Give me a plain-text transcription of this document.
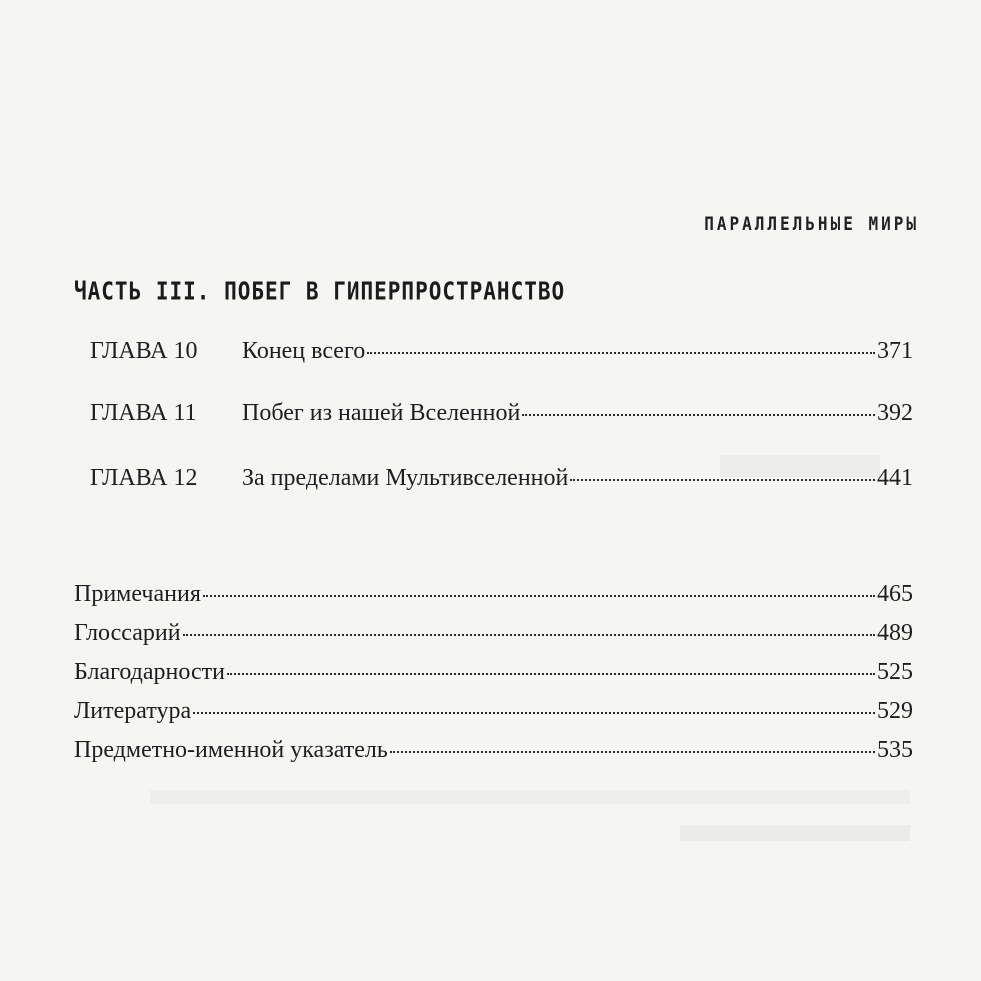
ПАРАЛЛЕЛЬНЫЕ МИРЫ
ЧАСТЬ III. ПОБЕГ В ГИПЕРПРОСТРАНСТВО
ГЛАВА 10	Конец всего	371
ГЛАВА 11	Побег из нашей Вселенной	392
ГЛАВА 12	За пределами Мультивселенной	441
Примечания	465
Глоссарий	489
Благодарности	525
Литература	529
Предметно-именной указатель	535
